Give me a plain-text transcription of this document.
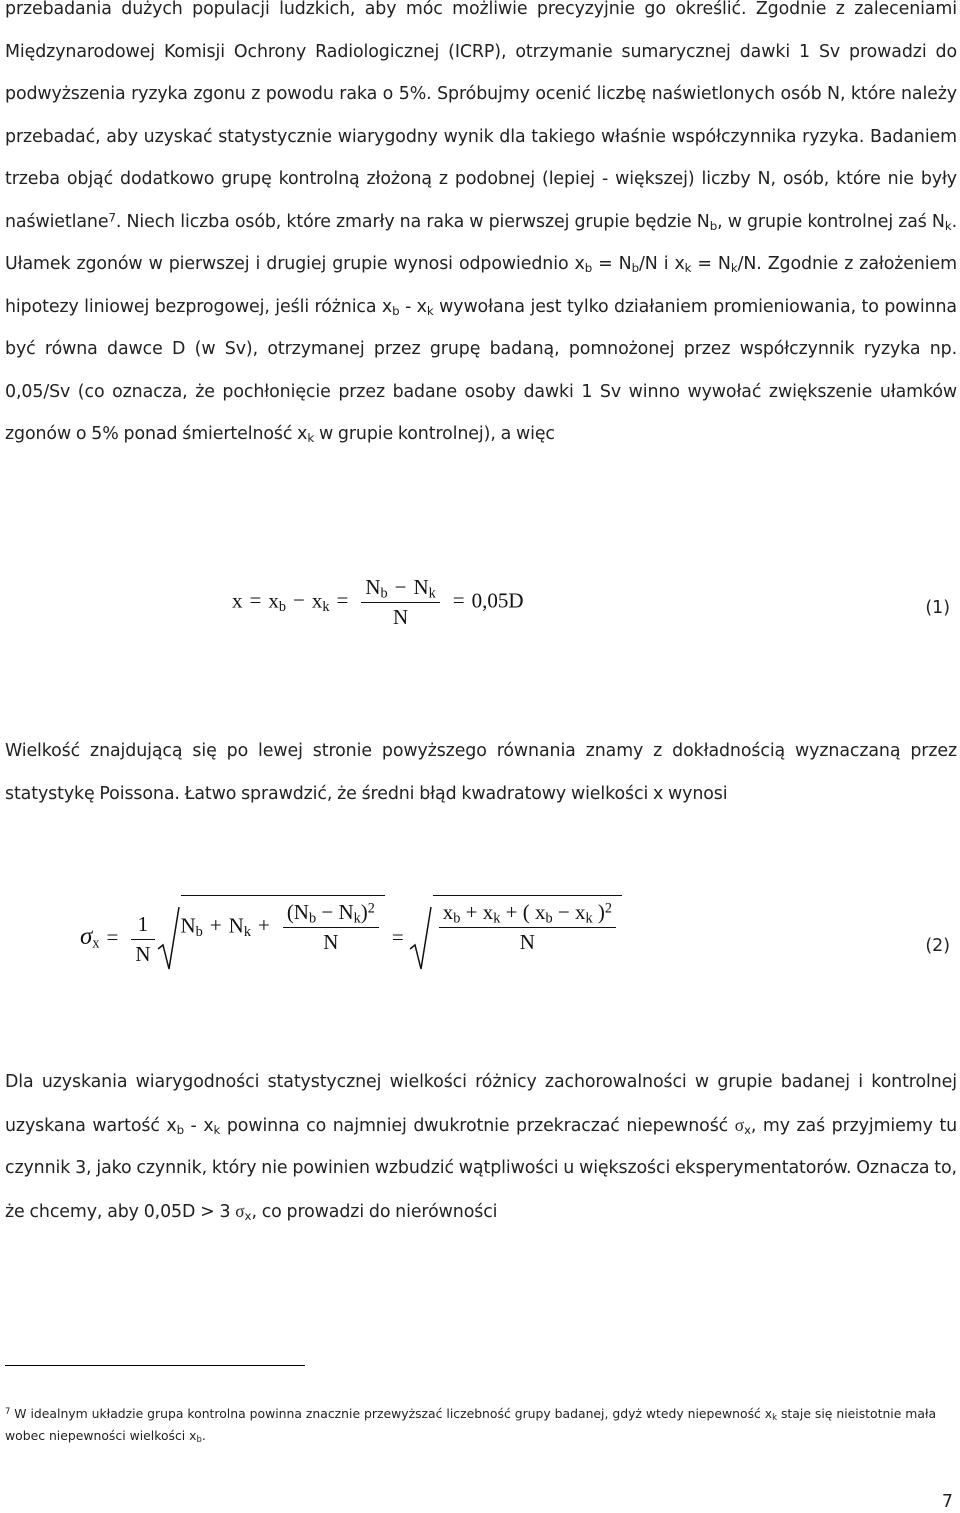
przebadania dużych populacji ludzkich, aby móc możliwie precyzyjnie go określić. Zgodnie z zaleceniami Międzynarodowej Komisji Ochrony Radiologicznej (ICRP), otrzymanie sumarycznej dawki 1 Sv prowadzi do podwyższenia ryzyka zgonu z powodu raka o 5%. Spróbujmy ocenić liczbę naświetlonych osób N, które należy przebadać, aby uzyskać statystycznie wiarygodny wynik dla takiego właśnie współczynnika ryzyka. Badaniem trzeba objąć dodatkowo grupę kontrolną złożoną z podobnej (lepiej - większej) liczby N, osób, które nie były naświetlane$^7$. Niech liczba osób, które zmarły na raka w pierwszej grupie będzie $N_b$, w grupie kontrolnej zaś $N_k$. Ułamek zgonów w pierwszej i drugiej grupie wynosi odpowiednio $x_b = N_b/N$ i $x_k = N_k/N$. Zgodnie z założeniem hipotezy liniowej bezprogowej, jeśli różnica $x_b - x_k$ wywołana jest tylko działaniem promieniowania, to powinna być równa dawce D (w Sv), otrzymanej przez grupę badaną, pomnożonej przez współczynnik ryzyka np. 0,05/Sv (co oznacza, że pochłonięcie przez badane osoby dawki 1 Sv winno wywołać zwiększenie ułamków zgonów o 5% ponad śmiertelność $x_k$ w grupie kontrolnej), a więc
$x = x_b - x_k = \frac{N_b - N_k}{N} = 0,05D$	(1)
Wielkość znajdującą się po lewej stronie powyższego równania znamy z dokładnością wyznaczaną przez statystykę Poissona. Łatwo sprawdzić, że średni błąd kwadratowy wielkości x wynosi
$\sigma_x = \frac{1}{N} N_b + N_k + \frac{(N_b - N_k)^2}{N} = \frac{x_b + x_k + ( x_b - x_k )^2}{N}$	(2)
Dla uzyskania wiarygodności statystycznej wielkości różnicy zachorowalności w grupie badanej i kontrolnej uzyskana wartość $x_b - x_k$ powinna co najmniej dwukrotnie przekraczać niepewność $\sigma_x$, my zaś przyjmiemy tu czynnik 3, jako czynnik, który nie powinien wzbudzić wątpliwości u większości eksperymentatorów. Oznacza to, że chcemy, aby 0,05D > 3 $\sigma_x$, co prowadzi do nierówności
$^7$ W idealnym układzie grupa kontrolna powinna znacznie przewyższać liczebność grupy badanej, gdyż wtedy niepewność $x_k$ staje się nieistotnie mała wobec niepewności wielkości $x_b$.
7
